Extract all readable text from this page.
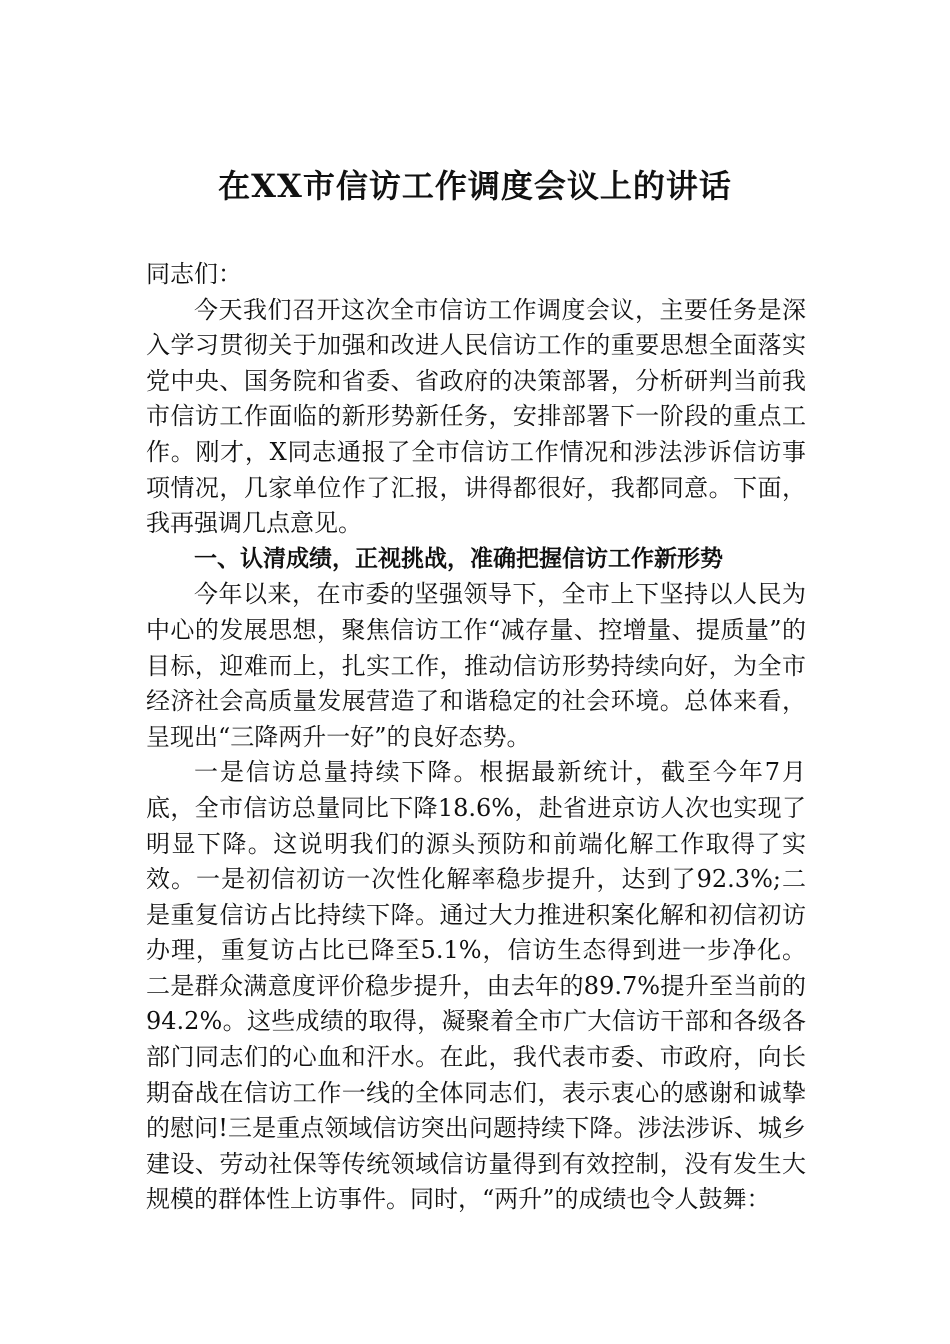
在XX市信访工作调度会议上的讲话

同志们：

今天我们召开这次全市信访工作调度会议，主要任务是深入学习贯彻关于加强和改进人民信访工作的重要思想全面落实党中央、国务院和省委、省政府的决策部署，分析研判当前我市信访工作面临的新形势新任务，安排部署下一阶段的重点工作。刚才，X同志通报了全市信访工作情况和涉法涉诉信访事项情况，几家单位作了汇报，讲得都很好，我都同意。下面，我再强调几点意见。

一、认清成绩，正视挑战，准确把握信访工作新形势

今年以来，在市委的坚强领导下，全市上下坚持以人民为中心的发展思想，聚焦信访工作“减存量、控增量、提质量”的目标，迎难而上，扎实工作，推动信访形势持续向好，为全市经济社会高质量发展营造了和谐稳定的社会环境。总体来看，呈现出“三降两升一好”的良好态势。

一是信访总量持续下降。根据最新统计，截至今年7月底，全市信访总量同比下降18.6%，赴省进京访人次也实现了明显下降。这说明我们的源头预防和前端化解工作取得了实效。一是初信初访一次性化解率稳步提升，达到了92.3%;二是重复信访占比持续下降。通过大力推进积案化解和初信初访办理，重复访占比已降至5.1%，信访生态得到进一步净化。二是群众满意度评价稳步提升，由去年的89.7%提升至当前的94.2%。这些成绩的取得，凝聚着全市广大信访干部和各级各部门同志们的心血和汗水。在此，我代表市委、市政府，向长期奋战在信访工作一线的全体同志们，表示衷心的感谢和诚挚的慰问!三是重点领域信访突出问题持续下降。涉法涉诉、城乡建设、劳动社保等传统领域信访量得到有效控制，没有发生大规模的群体性上访事件。同时，“两升”的成绩也令人鼓舞：
